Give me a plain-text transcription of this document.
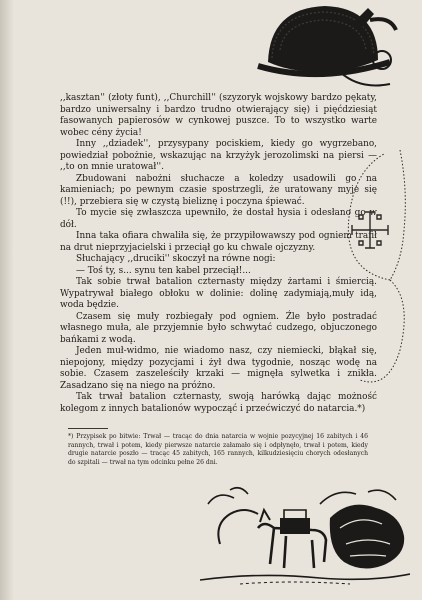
,,kasztan'' (złoty funt), ,,Churchill'' (szyzoryk wojskowy bardzo pękaty, bardzo uniwersalny i bardzo trudno otwierający się) i pięćdziesiąt fasowanych papierosów w cynkowej puszce. To to wszystko warte wobec cény życia!

Inny ,,dziadek'', przysypany pociskiem, kiedy go wygrzebano, powiedział pobożnie, wskazując na krzyżyk jerozolimski na piersi — ,,to on mnie uratował''.

Zbudowani nabożni słuchacze a koledzy usadowili go na kamieniach; po pewnym czasie spostrzegli, że uratowany myje się (!!), przebiera się w czystą bieliznę i poczyna śpiewać.

To mycie się zwłaszcza upewniło, że dostał hysia i odesłano go w dół.

Inna taka ofiara chwaliła się, że przypiłowawszy pod ogniem trafił na drut nieprzyjacielski i przeciął go ku chwale ojczyzny.

Słuchający ,,druciki'' skoczył na równe nogi:

— Toś ty, s... synu ten kabel przeciął!...

Tak sobie trwał batalion czternasty między żartami i śmiercią. Wypatrywał białego obłoku w dolinie: dolinę zadymiają,muły idą, woda będzie.

Czasem się muły rozbiegały pod ogniem. Źle było postradać własnego muła, ale przyjemnie było schwytać cudzego, objuczonego bańkami z wodą.

Jeden muł-widmo, nie wiadomo nasz, czy niemiecki, błąkał się, niepojony, między pozycjami i żył dwa tygodnie, nosząc wodę na sobie. Czasem zaszeleściły krzaki — mignęła sylwetka i znikła. Zasadzano się na niego na próżno.

Tak trwał batalion czternasty, swoją harówką dając możność kolegom z innych batalionów wypocząć i przećwiczyć do natarcia.*)

*) Przypisek po bitwie: Trwał — tracąc do dnia natarcia w wojnie pozycyjnej 16 zabitych i 46 rannych, trwał i potem, kiedy pierwsze natarcie załamało się i odpłynęło, trwał i potem, kiedy drugie natarcie poszło — tracąc 45 zabitych, 165 rannych, kilkudziesięciu chorych odesłanych do szpitali — trwał na tym odcinku pełne 26 dni.
